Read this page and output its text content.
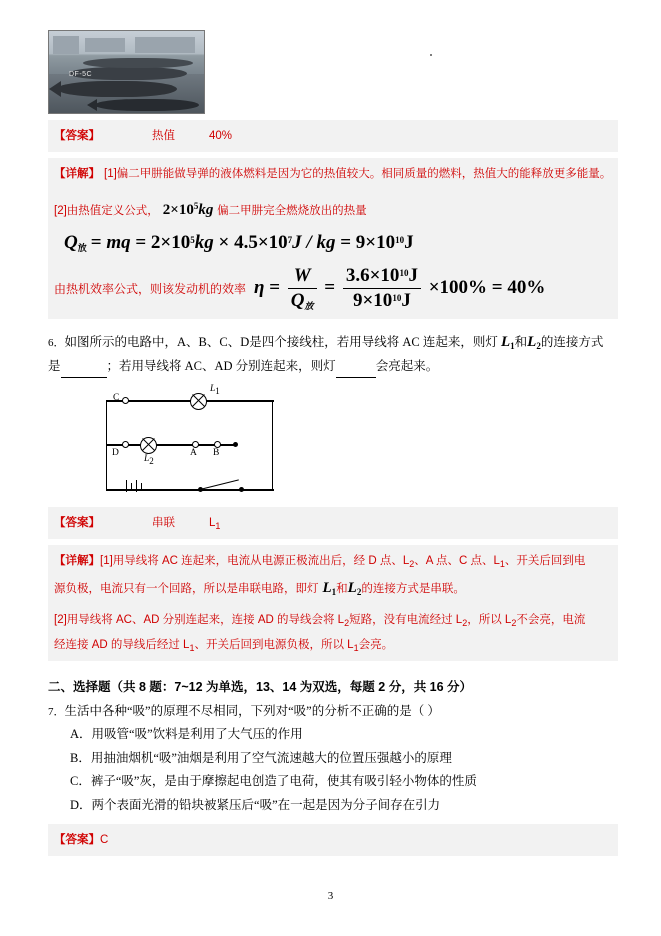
DF-5C
【答案】	热值	40%
【详解】 [1]偏二甲肼能做导弹的液体燃料是因为它的热值较大。相同质量的燃料，热值大的能释放更多能量。
[2]由热值定义公式， $2\times 10^5kg$ 偏二甲肼完全燃烧放出的热量
$Q_放$ = mq = $2\times 10^5kg \times 4.5\times 10^7J$ / kg = $9\times 10^{10}J$
由热机效率公式，则该发动机的效率 $\eta = \frac{W}{Q_放} = \frac{3.6\times 10^{10}J}{9\times 10^{10}J} \times 100\% = 40\%$
6．如图所示的电路中，A、B、C、D是四个接线柱，若用导线将 AC 连起来，则灯 $L_1$和$L_2$的连接方式
是	；若用导线将 AC、AD 分别连起来，则灯	会亮起来。
C
D	A B
L1
L2
【答案】	串联	$L_1$
【详解】[1]用导线将 AC 连起来，电流从电源正极流出后，经 D 点、$L_2$、A 点、C 点、$L_1$、开关后回到电
源负极，电流只有一个回路，所以是串联电路，即灯 $L_1$和$L_2$的连接方式是串联。
[2]用导线将 AC、AD 分别连起来，连接 AD 的导线会将 $L_2$短路，没有电流经过 $L_2$，所以 $L_2$不会亮，电流
经连接 AD 的导线后经过 $L_1$、开关后回到电源负极，所以 $L_1$会亮。
二、选择题（共 8 题：7~12 为单选，13、14 为双选，每题 2 分，共 16 分）
7．生活中各种“吸”的原理不尽相同，下列对“吸”的分析不正确的是（ ）
A．用吸管“吸”饮料是利用了大气压的作用
B．用抽油烟机“吸”油烟是利用了空气流速越大的位置压强越小的原理
C．裤子“吸”灰，是由于摩擦起电创造了电荷，使其有吸引轻小物体的性质
D．两个表面光滑的铅块被紧压后“吸”在一起是因为分子间存在引力
【答案】C
3
